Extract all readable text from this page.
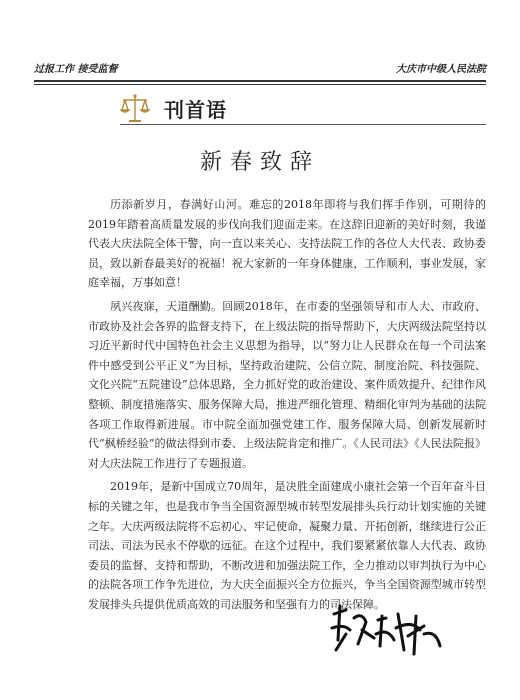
过报工作 接受监督	大庆市中级人民法院
刊首语
新春致辞

历添新岁月，春满好山河。难忘的2018年即将与我们挥手作别，可期待的2019年踏着高质量发展的步伐向我们迎面走来。在这辞旧迎新的美好时刻，我谨代表大庆法院全体干警，向一直以来关心、支持法院工作的各位人大代表、政协委员，致以新春最美好的祝福！祝大家新的一年身体健康，工作顺利，事业发展，家庭幸福，万事如意！

夙兴夜寐，天道酬勤。回顾2018年，在市委的坚强领导和市人大、市政府、市政协及社会各界的监督支持下，在上级法院的指导帮助下，大庆两级法院坚持以习近平新时代中国特色社会主义思想为指导，以“努力让人民群众在每一个司法案件中感受到公平正义”为目标，坚持政治建院、公信立院、制度治院、科技强院、文化兴院“五院建设”总体思路，全力抓好党的政治建设、案件质效提升、纪律作风整顿、制度措施落实、服务保障大局，推进严细化管理、精细化审判为基础的法院各项工作取得新进展。市中院全面加强党建工作、服务保障大局、创新发展新时代“枫桥经验”的做法得到市委、上级法院肯定和推广。《人民司法》《人民法院报》对大庆法院工作进行了专题报道。

2019年，是新中国成立70周年，是决胜全面建成小康社会第一个百年奋斗目标的关键之年，也是我市争当全国资源型城市转型发展排头兵行动计划实施的关键之年。大庆两级法院将不忘初心、牢记使命，凝聚力量、开拓创新，继续进行公正司法、司法为民永不停歇的远征。在这个过程中，我们要紧紧依靠人大代表、政协委员的监督、支持和帮助，不断改进和加强法院工作，全力推动以审判执行为中心的法院各项工作争先进位，为大庆全面振兴全方位振兴，争当全国资源型城市转型发展排头兵提供优质高效的司法服务和坚强有力的司法保障。
